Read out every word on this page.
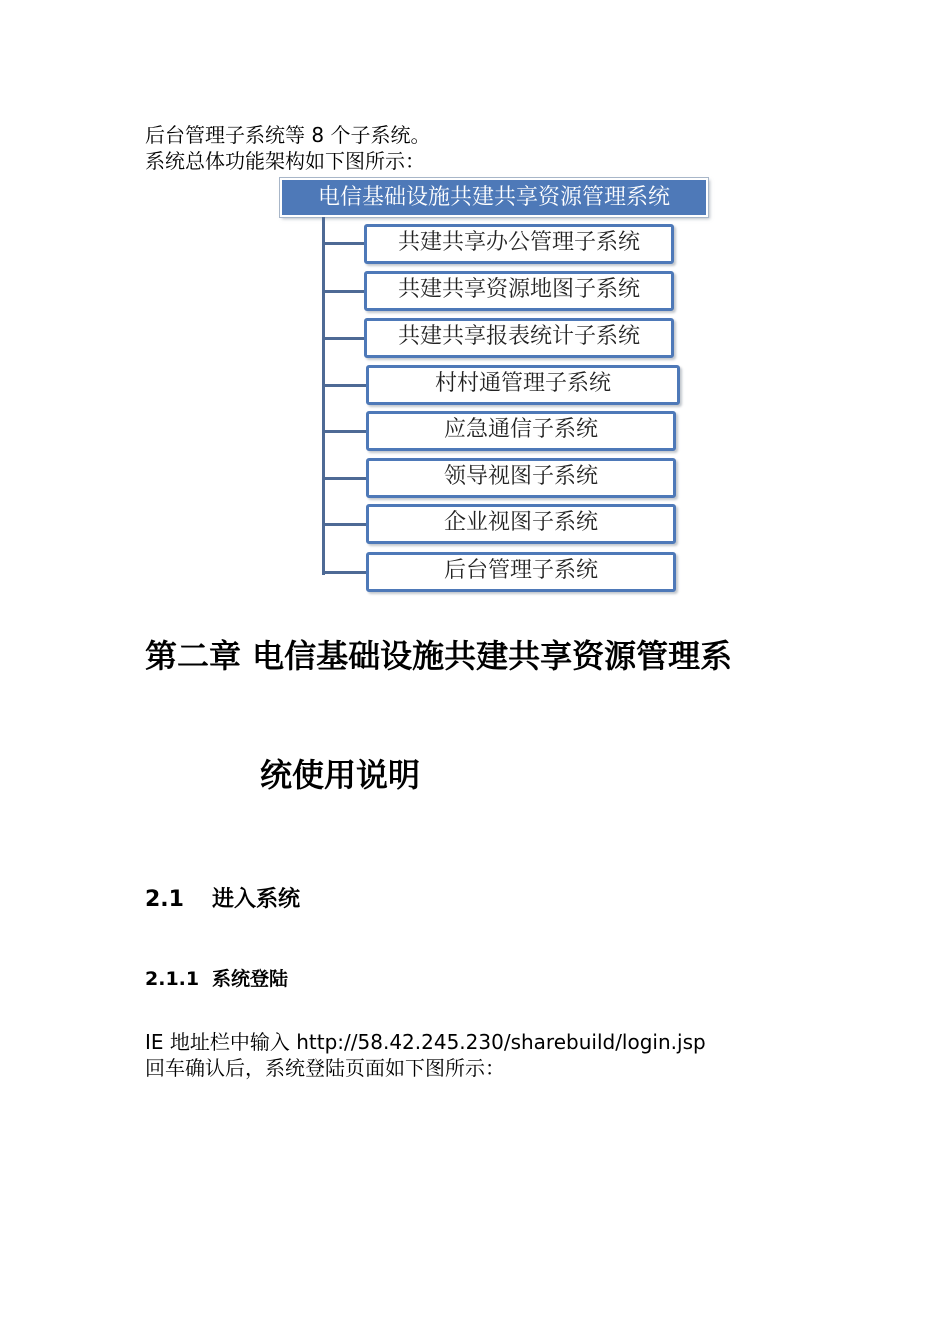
后台管理子系统等 8 个子系统。
系统总体功能架构如下图所示：
电信基础设施共建共享资源管理系统
共建共享办公管理子系统
共建共享资源地图子系统
共建共享报表统计子系统
村村通管理子系统
应急通信子系统
领导视图子系统
企业视图子系统
后台管理子系统
第二章 电信基础设施共建共享资源管理系
统使用说明
2.1 进入系统
2.1.1 系统登陆
IE 地址栏中输入 http://58.42.245.230/sharebuild/login.jsp
回车确认后，系统登陆页面如下图所示：
